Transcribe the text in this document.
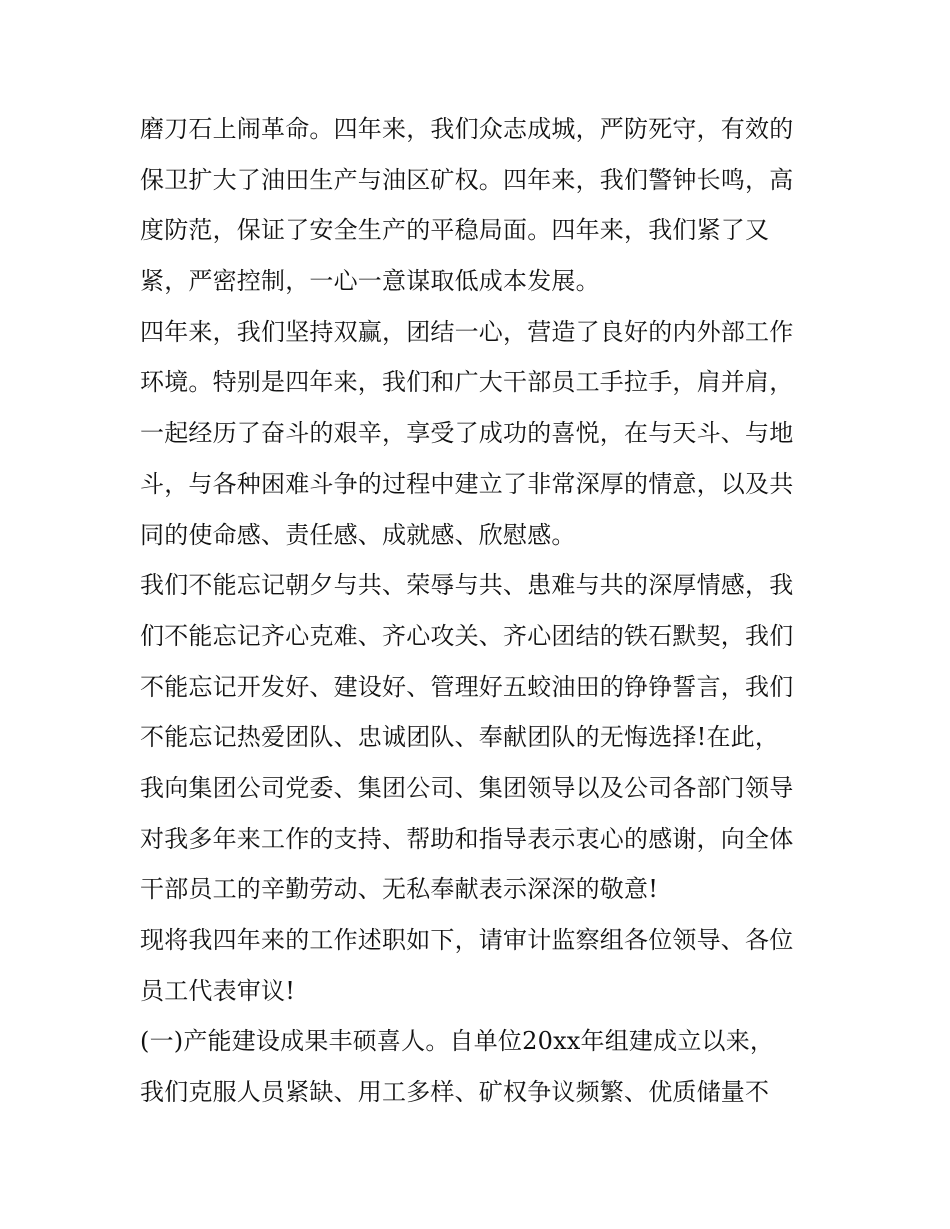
磨刀石上闹革命。四年来，我们众志成城，严防死守，有效的
保卫扩大了油田生产与油区矿权。四年来，我们警钟长鸣，高
度防范，保证了安全生产的平稳局面。四年来，我们紧了又
紧，严密控制，一心一意谋取低成本发展。
四年来，我们坚持双赢，团结一心，营造了良好的内外部工作
环境。特别是四年来，我们和广大干部员工手拉手，肩并肩，
一起经历了奋斗的艰辛，享受了成功的喜悦，在与天斗、与地
斗，与各种困难斗争的过程中建立了非常深厚的情意，以及共
同的使命感、责任感、成就感、欣慰感。
我们不能忘记朝夕与共、荣辱与共、患难与共的深厚情感，我
们不能忘记齐心克难、齐心攻关、齐心团结的铁石默契，我们
不能忘记开发好、建设好、管理好五蛟油田的铮铮誓言，我们
不能忘记热爱团队、忠诚团队、奉献团队的无悔选择!在此，
我向集团公司党委、集团公司、集团领导以及公司各部门领导
对我多年来工作的支持、帮助和指导表示衷心的感谢，向全体
干部员工的辛勤劳动、无私奉献表示深深的敬意!
现将我四年来的工作述职如下，请审计监察组各位领导、各位
员工代表审议!
(一)产能建设成果丰硕喜人。自单位20xx年组建成立以来，
我们克服人员紧缺、用工多样、矿权争议频繁、优质储量不
